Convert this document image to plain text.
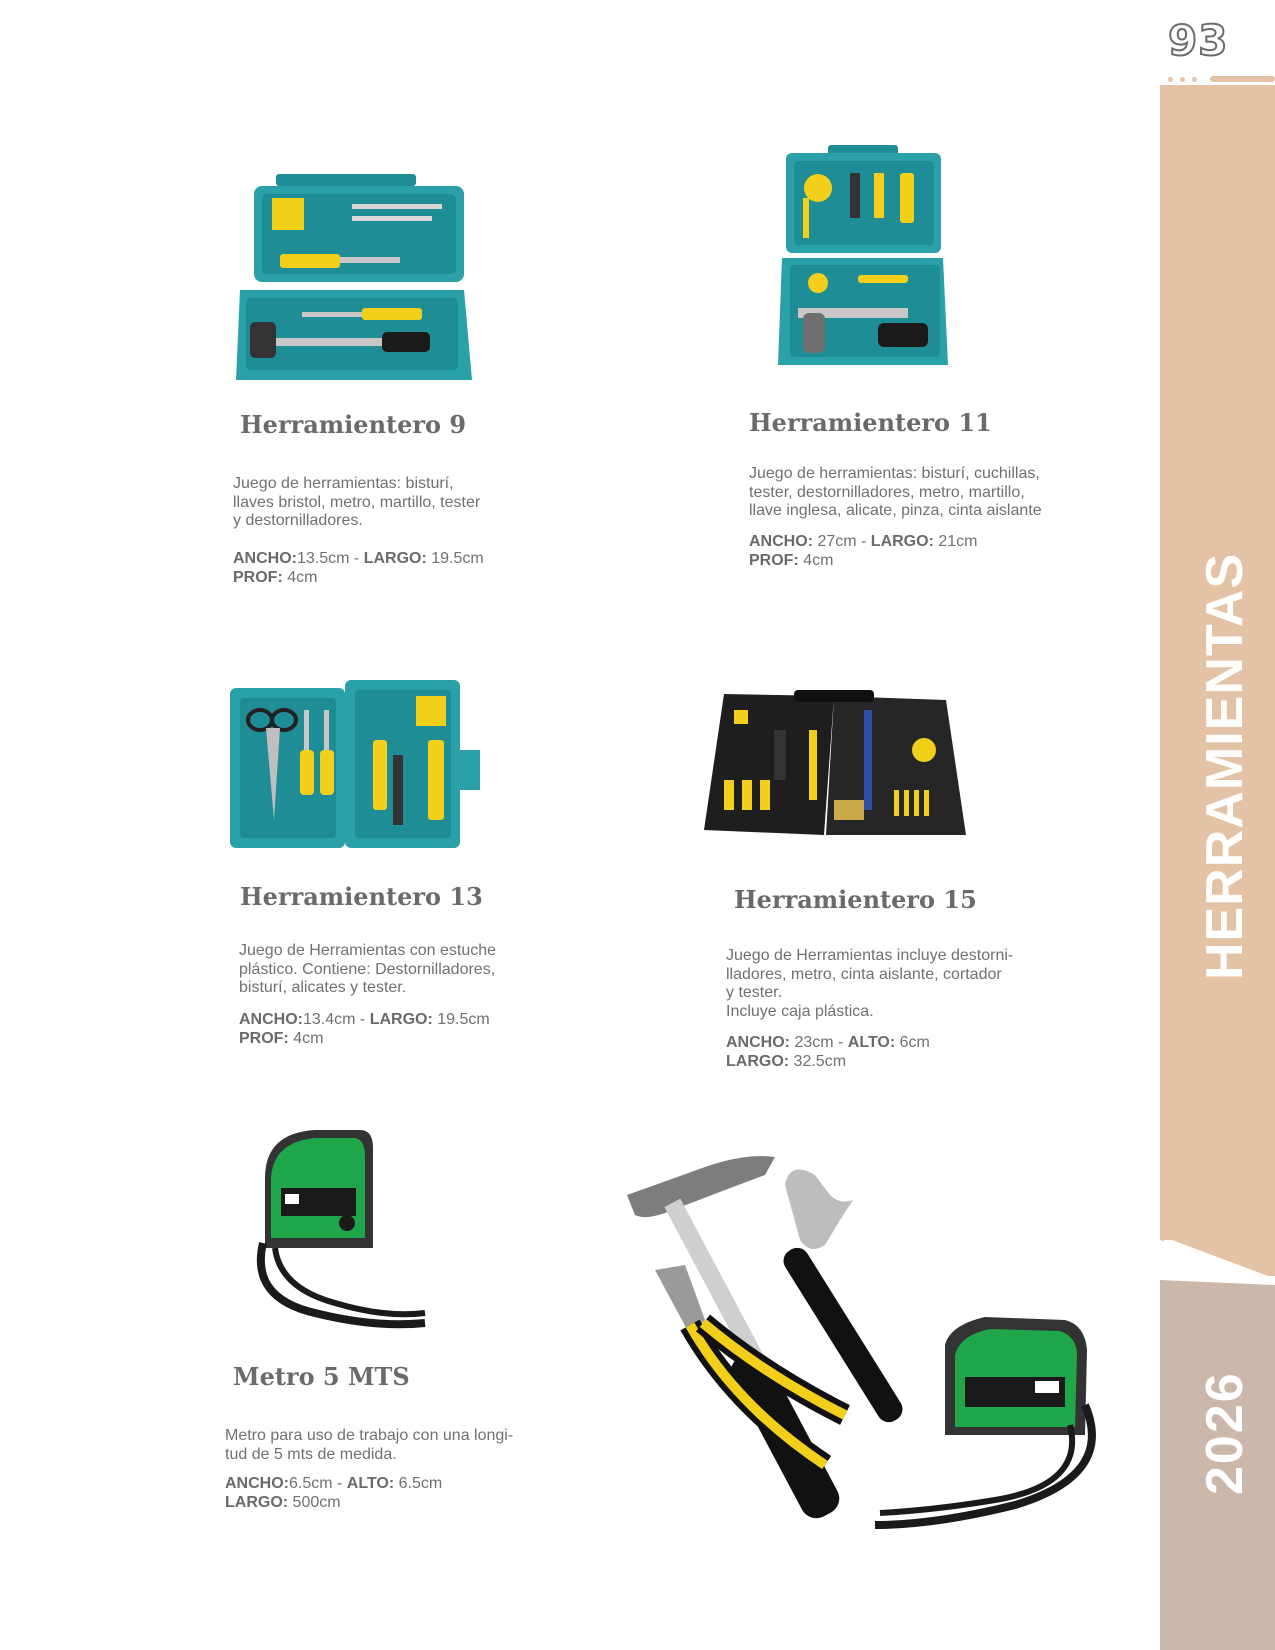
93
HERRAMIENTAS
2026
Herramientero 9
Juego de herramientas: bisturí,
llaves bristol, metro, martillo, tester
y destornilladores.
ANCHO:13.5cm - LARGO: 19.5cm
PROF: 4cm
Herramientero 11
Juego de herramientas: bisturí, cuchillas,
tester, destornilladores, metro, martillo,
llave inglesa, alicate, pinza, cinta aislante
ANCHO: 27cm - LARGO: 21cm
PROF: 4cm
Herramientero 13
Juego de Herramientas con estuche
plástico. Contiene: Destornilladores,
bisturí, alicates y tester.
ANCHO:13.4cm - LARGO: 19.5cm
PROF: 4cm
Herramientero 15
Juego de Herramientas incluye destorni-
lladores, metro, cinta aislante, cortador
y tester.
Incluye caja plástica.
ANCHO: 23cm - ALTO: 6cm
LARGO: 32.5cm
Metro 5 MTS
Metro para uso de trabajo con una longi-
tud de 5 mts de medida.
ANCHO:6.5cm - ALTO: 6.5cm
LARGO: 500cm
